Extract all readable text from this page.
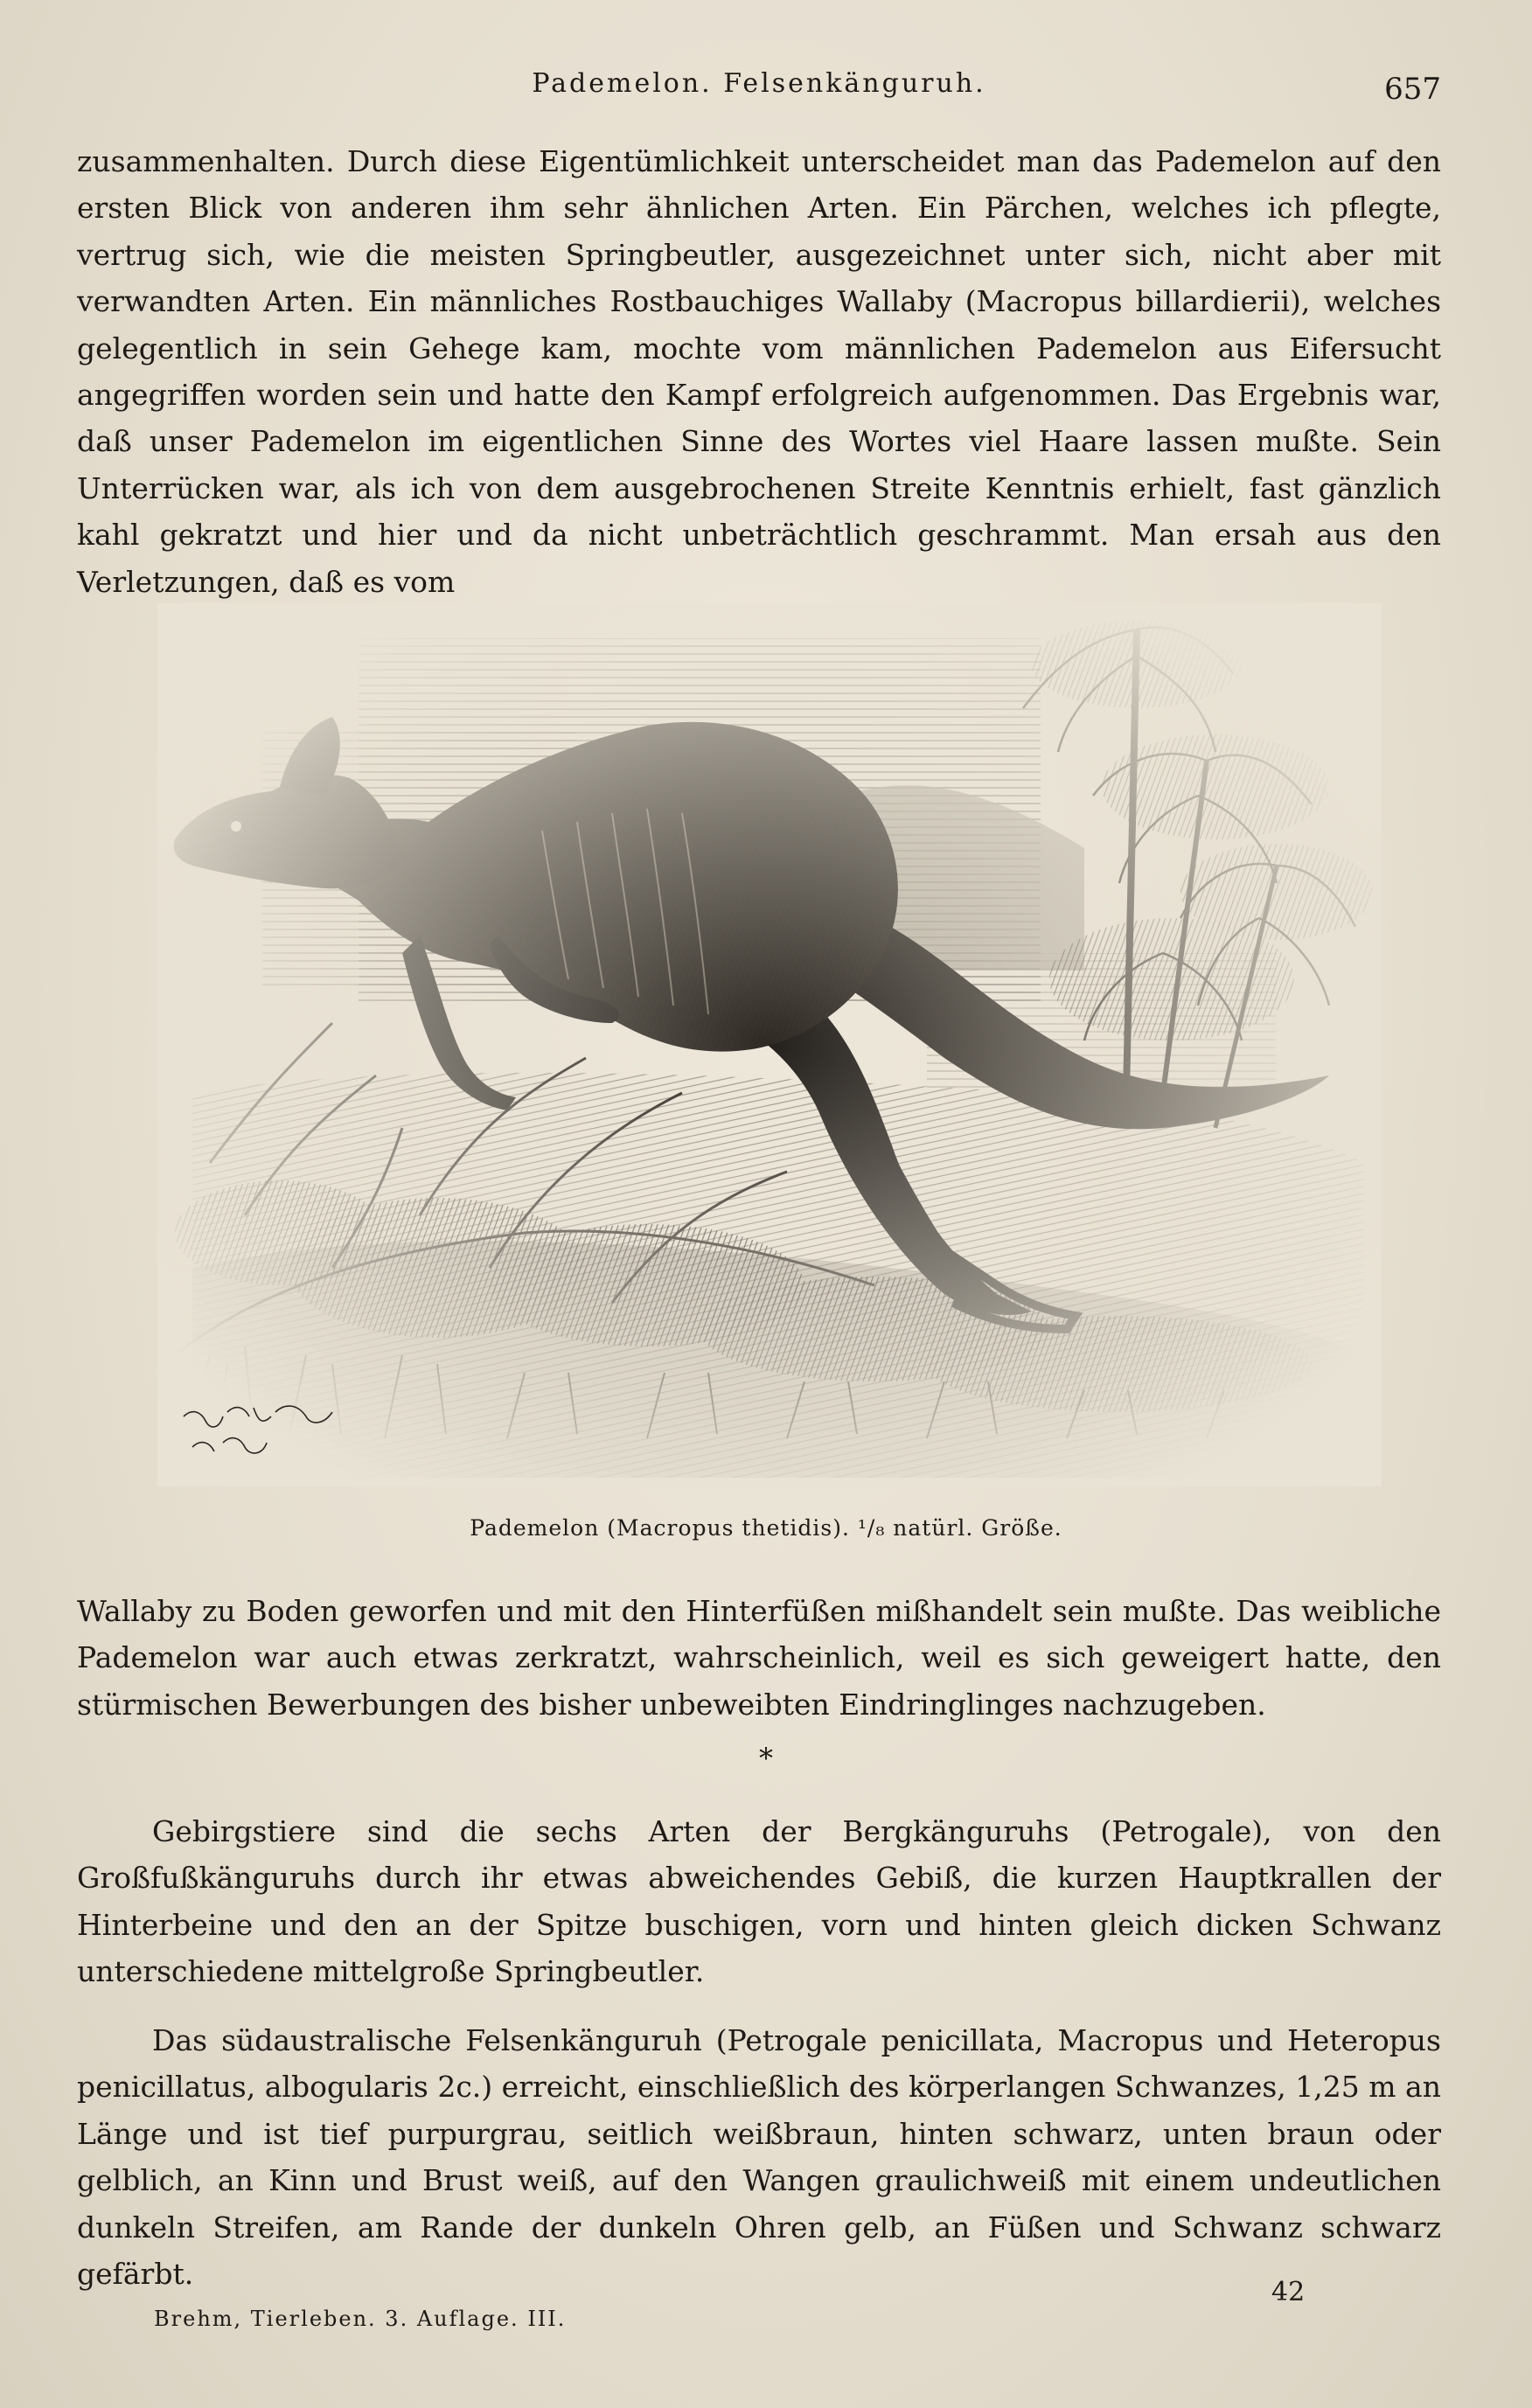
Pademelon. Felsenkänguruh.	657

zusammenhalten. Durch diese Eigentümlichkeit unterscheidet man das Pademelon auf den ersten Blick von anderen ihm sehr ähnlichen Arten. Ein Pärchen, welches ich pflegte, vertrug sich, wie die meisten Springbeutler, ausgezeichnet unter sich, nicht aber mit verwandten Arten. Ein männliches Rostbauchiges Wallaby (Macropus billardierii), welches gelegentlich in sein Gehege kam, mochte vom männlichen Pademelon aus Eifersucht angegriffen worden sein und hatte den Kampf erfolgreich aufgenommen. Das Ergebnis war, daß unser Pademelon im eigentlichen Sinne des Wortes viel Haare lassen mußte. Sein Unterrücken war, als ich von dem ausgebrochenen Streite Kenntnis erhielt, fast gänzlich kahl gekratzt und hier und da nicht unbeträchtlich geschrammt. Man ersah aus den Verletzungen, daß es vom

Pademelon (Macropus thetidis). ¹/₈ natürl. Größe.

Wallaby zu Boden geworfen und mit den Hinterfüßen mißhandelt sein mußte. Das weibliche Pademelon war auch etwas zerkratzt, wahrscheinlich, weil es sich geweigert hatte, den stürmischen Bewerbungen des bisher unbeweibten Eindringlinges nachzugeben.

*

Gebirgstiere sind die sechs Arten der Bergkänguruhs (Petrogale), von den Großfußkänguruhs durch ihr etwas abweichendes Gebiß, die kurzen Hauptkrallen der Hinterbeine und den an der Spitze buschigen, vorn und hinten gleich dicken Schwanz unterschiedene mittelgroße Springbeutler.

Das südaustralische Felsenkänguruh (Petrogale penicillata, Macropus und Heteropus penicillatus, albogularis 2c.) erreicht, einschließlich des körperlangen Schwanzes, 1,25 m an Länge und ist tief purpurgrau, seitlich weißbraun, hinten schwarz, unten braun oder gelblich, an Kinn und Brust weiß, auf den Wangen graulichweiß mit einem undeutlichen dunkeln Streifen, am Rande der dunkeln Ohren gelb, an Füßen und Schwanz schwarz gefärbt.

Brehm, Tierleben. 3. Auflage. III.
42
